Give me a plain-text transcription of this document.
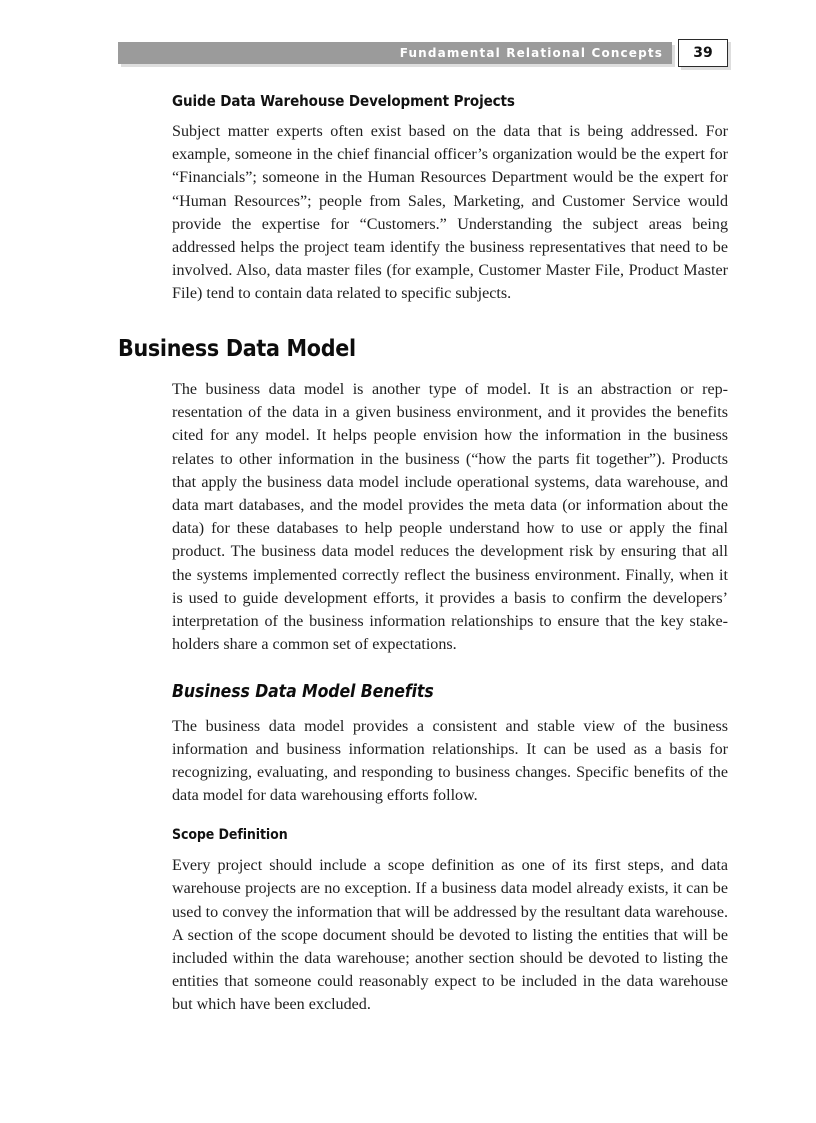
Fundamental Relational Concepts	39
Guide Data Warehouse Development Projects

Subject matter experts often exist based on the data that is being addressed. For example, someone in the chief financial officer’s organization would be the expert for “Financials”; someone in the Human Resources Department would be the expert for “Human Resources”; people from Sales, Marketing, and Customer Service would provide the expertise for “Customers.” Understanding the subject areas being addressed helps the project team identify the business representatives that need to be involved. Also, data master files (for example, Customer Master File, Product Master File) tend to contain data related to specific subjects.

Business Data Model

The business data model is another type of model. It is an abstraction or representation of the data in a given business environment, and it provides the benefits cited for any model. It helps people envision how the information in the business relates to other information in the business (“how the parts fit together”). Products that apply the business data model include operational systems, data warehouse, and data mart databases, and the model provides the meta data (or information about the data) for these databases to help people understand how to use or apply the final product. The business data model reduces the development risk by ensuring that all the systems implemented correctly reflect the business environment. Finally, when it is used to guide development efforts, it provides a basis to confirm the developers’ interpretation of the business information relationships to ensure that the key stakeholders share a common set of expectations.

Business Data Model Benefits

The business data model provides a consistent and stable view of the business information and business information relationships. It can be used as a basis for recognizing, evaluating, and responding to business changes. Specific benefits of the data model for data warehousing efforts follow.

Scope Definition

Every project should include a scope definition as one of its first steps, and data warehouse projects are no exception. If a business data model already exists, it can be used to convey the information that will be addressed by the resultant data warehouse. A section of the scope document should be devoted to listing the entities that will be included within the data warehouse; another section should be devoted to listing the entities that someone could reasonably expect to be included in the data warehouse but which have been excluded.
